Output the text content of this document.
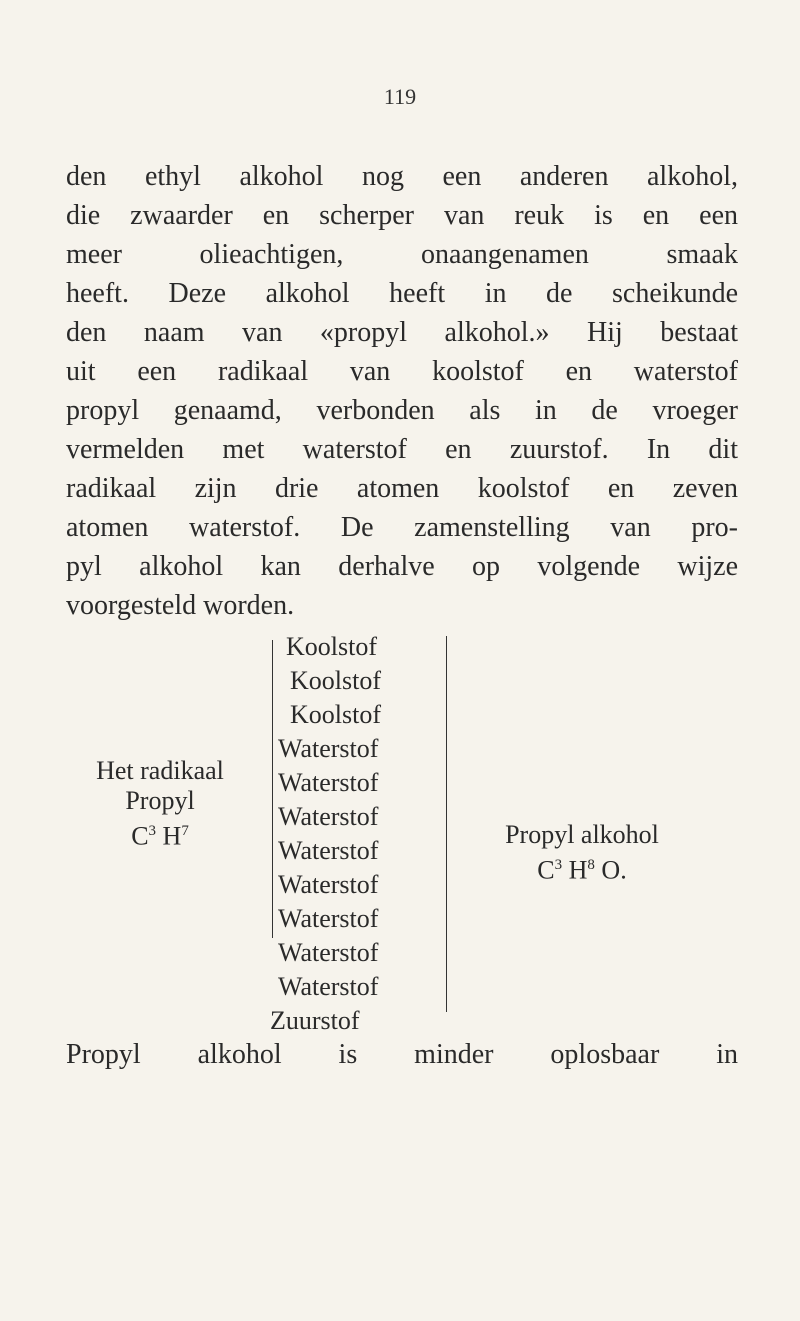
119
den ethyl alkohol nog een anderen alkohol,
die zwaarder en scherper van reuk is en een
meer olieachtigen, onaangenamen smaak
heeft. Deze alkohol heeft in de scheikunde
den naam van «propyl alkohol.» Hij bestaat
uit een radikaal van koolstof en waterstof
propyl genaamd, verbonden als in de vroeger
vermelden met waterstof en zuurstof. In dit
radikaal zijn drie atomen koolstof en zeven
atomen waterstof. De zamenstelling van pro-
pyl alkohol kan derhalve op volgende wijze
voorgesteld worden.
Koolstof
Koolstof
Koolstof
Waterstof
Waterstof
Waterstof
Waterstof
Waterstof
Waterstof
Waterstof
Waterstof
Zuurstof
Het radikaal
Propyl
$C^3$ $H^7$	Propyl alkohol
$C^3$ $H^8$ O.
Propyl alkohol is minder oplosbaar in
